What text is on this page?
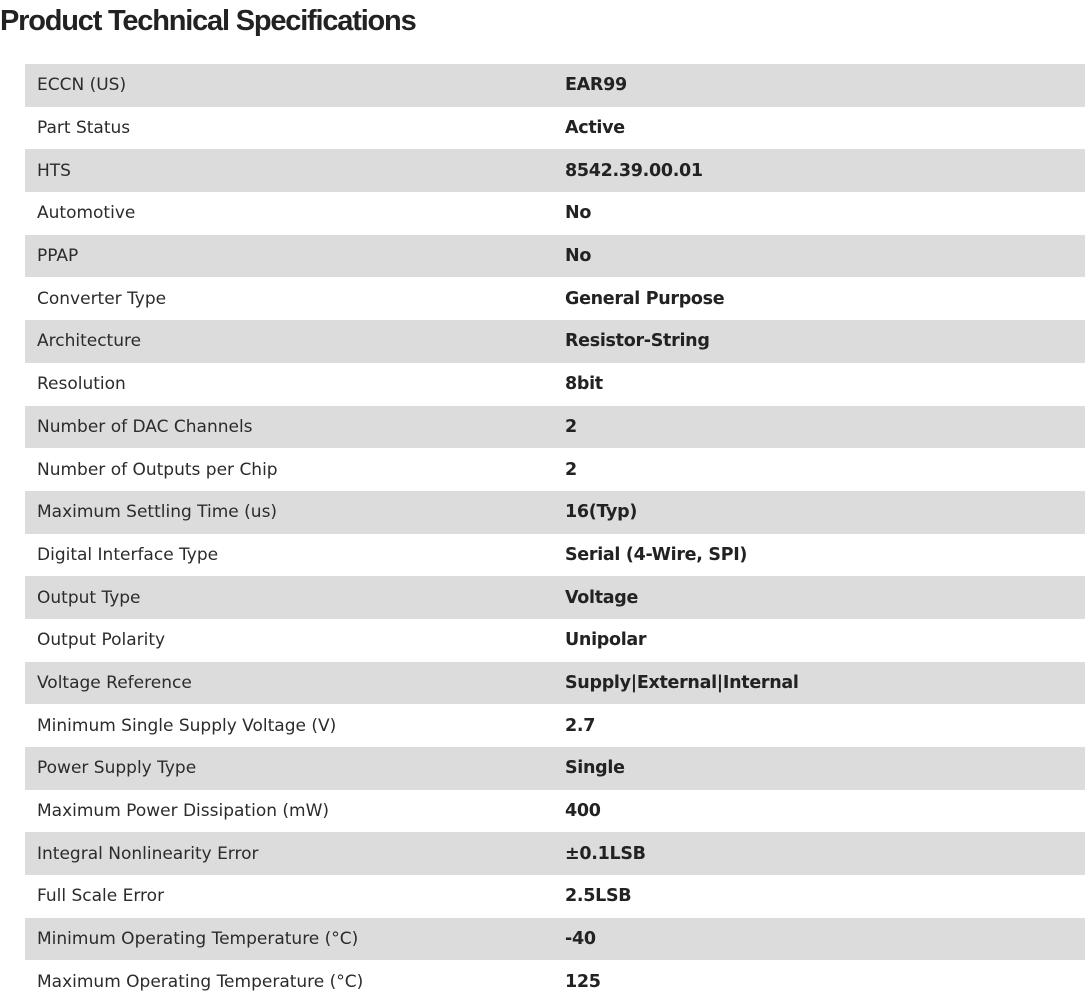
Product Technical Specifications
ECCN (US)	EAR99
Part Status	Active
HTS	8542.39.00.01
Automotive	No
PPAP	No
Converter Type	General Purpose
Architecture	Resistor-String
Resolution	8bit
Number of DAC Channels	2
Number of Outputs per Chip	2
Maximum Settling Time (us)	16(Typ)
Digital Interface Type	Serial (4-Wire, SPI)
Output Type	Voltage
Output Polarity	Unipolar
Voltage Reference	Supply|External|Internal
Minimum Single Supply Voltage (V)	2.7
Power Supply Type	Single
Maximum Power Dissipation (mW)	400
Integral Nonlinearity Error	±0.1LSB
Full Scale Error	2.5LSB
Minimum Operating Temperature (°C)	-40
Maximum Operating Temperature (°C)	125
